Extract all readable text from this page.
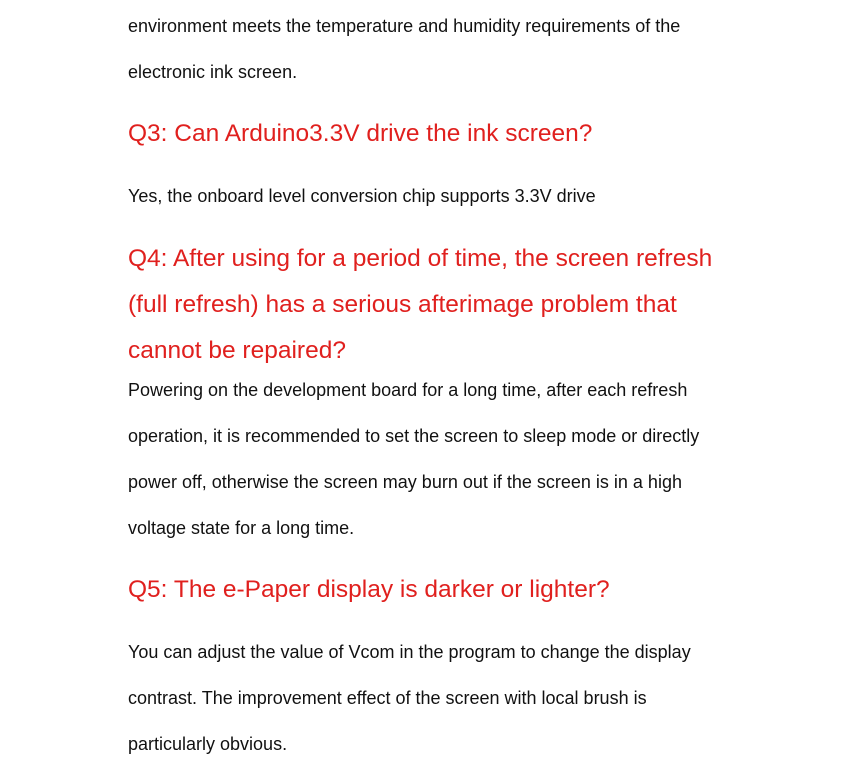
environment meets the temperature and humidity requirements of the
electronic ink screen.
Q3: Can Arduino3.3V drive the ink screen?
Yes, the onboard level conversion chip supports 3.3V drive
Q4: After using for a period of time, the screen refresh
(full refresh) has a serious afterimage problem that
cannot be repaired?
Powering on the development board for a long time, after each refresh
operation, it is recommended to set the screen to sleep mode or directly
power off, otherwise the screen may burn out if the screen is in a high
voltage state for a long time.
Q5: The e-Paper display is darker or lighter?
You can adjust the value of Vcom in the program to change the display
contrast. The improvement effect of the screen with local brush is
particularly obvious.
